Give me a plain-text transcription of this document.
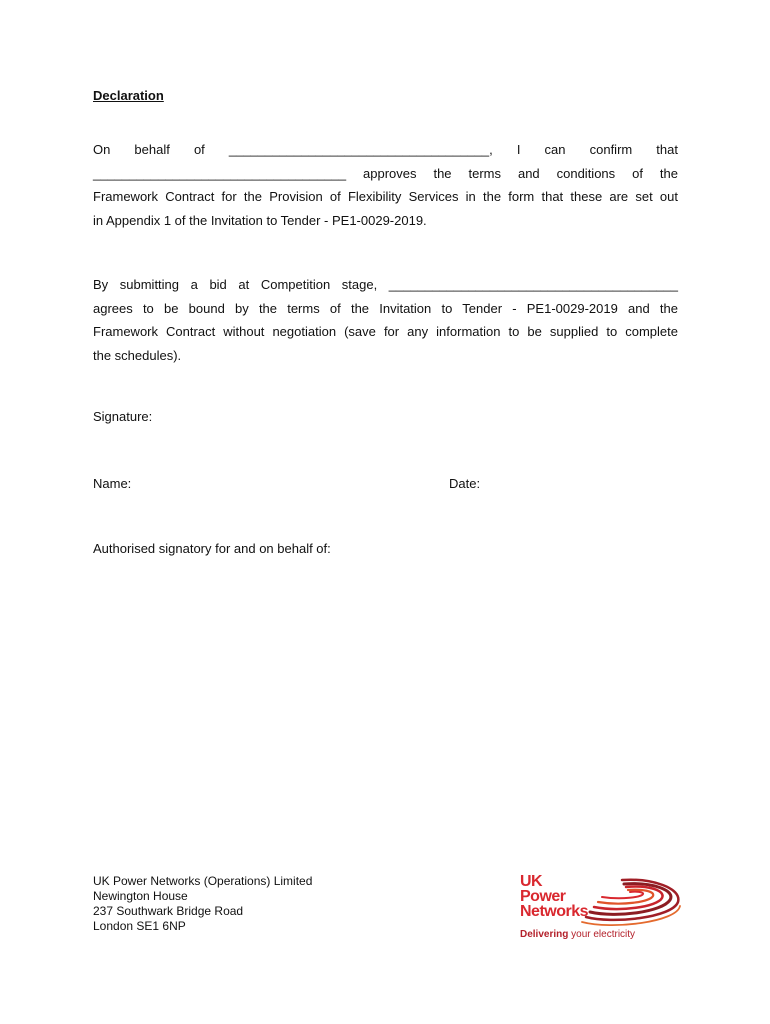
Declaration
On behalf of ____________________________________, I can confirm that
___________________________________ approves the terms and conditions of the
Framework Contract for the Provision of Flexibility Services in the form that these are set out
in Appendix 1 of the Invitation to Tender - PE1-0029-2019.
By submitting a bid at Competition stage, ________________________________________
agrees to be bound by the terms of the Invitation to Tender - PE1-0029-2019 and the
Framework Contract without negotiation (save for any information to be supplied to complete
the schedules).
Signature:
Name:	Date:
Authorised signatory for and on behalf of:
UK Power Networks (Operations) Limited
Newington House
237 Southwark Bridge Road
London SE1 6NP
UK
Power
Networks
Delivering your electricity
